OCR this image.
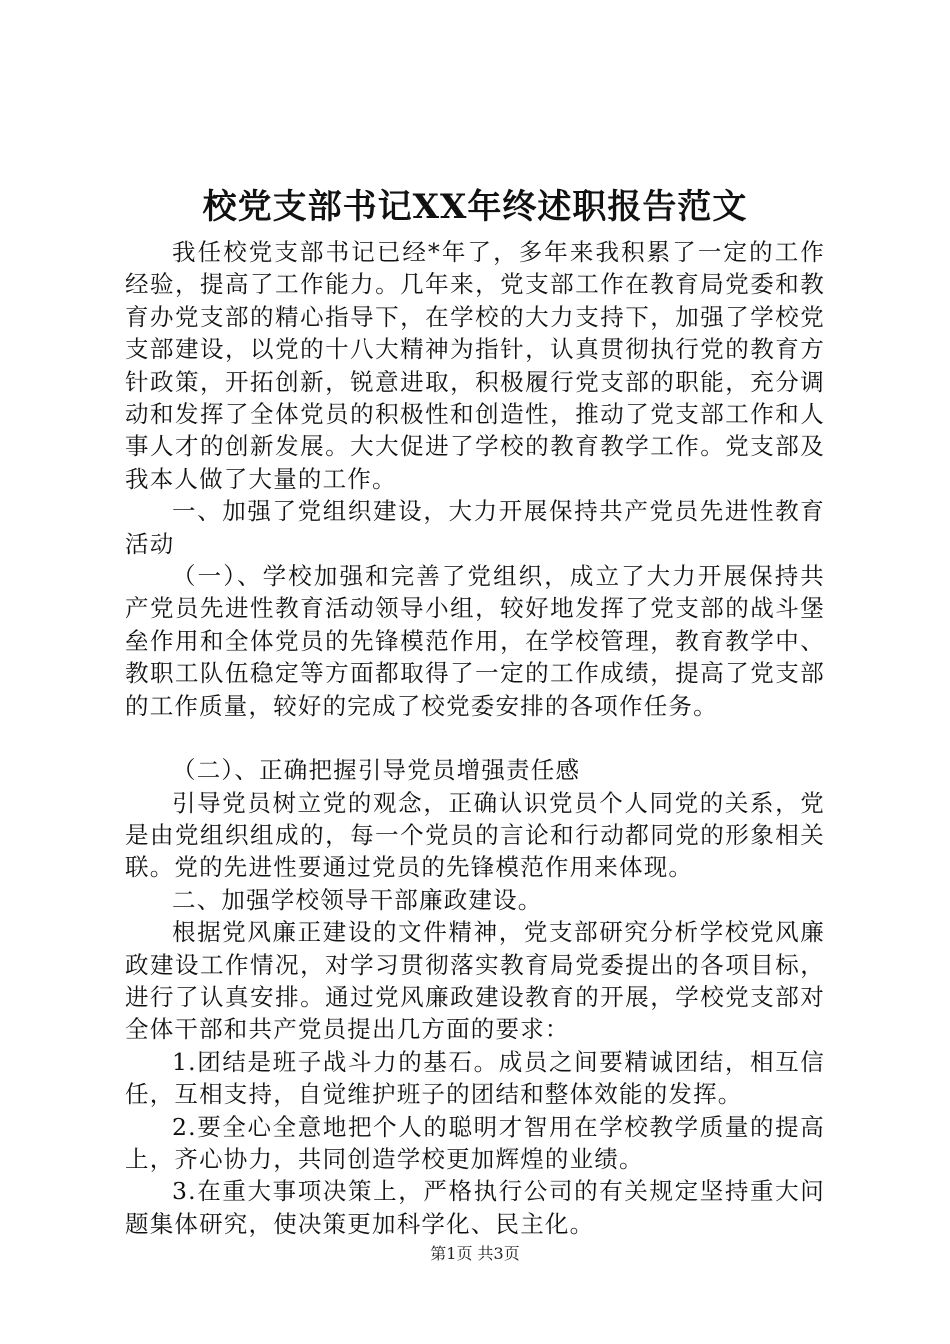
校党支部书记XX年终述职报告范文

我任校党支部书记已经*年了，多年来我积累了一定的工作经验，提高了工作能力。几年来，党支部工作在教育局党委和教育办党支部的精心指导下，在学校的大力支持下，加强了学校党支部建设，以党的十八大精神为指针，认真贯彻执行党的教育方针政策，开拓创新，锐意进取，积极履行党支部的职能，充分调动和发挥了全体党员的积极性和创造性，推动了党支部工作和人事人才的创新发展。大大促进了学校的教育教学工作。党支部及我本人做了大量的工作。

一、加强了党组织建设，大力开展保持共产党员先进性教育活动

（一）、学校加强和完善了党组织，成立了大力开展保持共产党员先进性教育活动领导小组，较好地发挥了党支部的战斗堡垒作用和全体党员的先锋模范作用，在学校管理，教育教学中、教职工队伍稳定等方面都取得了一定的工作成绩，提高了党支部的工作质量，较好的完成了校党委安排的各项作任务。

（二）、正确把握引导党员增强责任感

引导党员树立党的观念，正确认识党员个人同党的关系，党是由党组织组成的，每一个党员的言论和行动都同党的形象相关联。党的先进性要通过党员的先锋模范作用来体现。

二、加强学校领导干部廉政建设。

根据党风廉正建设的文件精神，党支部研究分析学校党风廉政建设工作情况，对学习贯彻落实教育局党委提出的各项目标，进行了认真安排。通过党风廉政建设教育的开展，学校党支部对全体干部和共产党员提出几方面的要求：

1.团结是班子战斗力的基石。成员之间要精诚团结，相互信任，互相支持，自觉维护班子的团结和整体效能的发挥。

2.要全心全意地把个人的聪明才智用在学校教学质量的提高上，齐心协力，共同创造学校更加辉煌的业绩。

3.在重大事项决策上，严格执行公司的有关规定坚持重大问题集体研究，使决策更加科学化、民主化。

第1页 共3页
